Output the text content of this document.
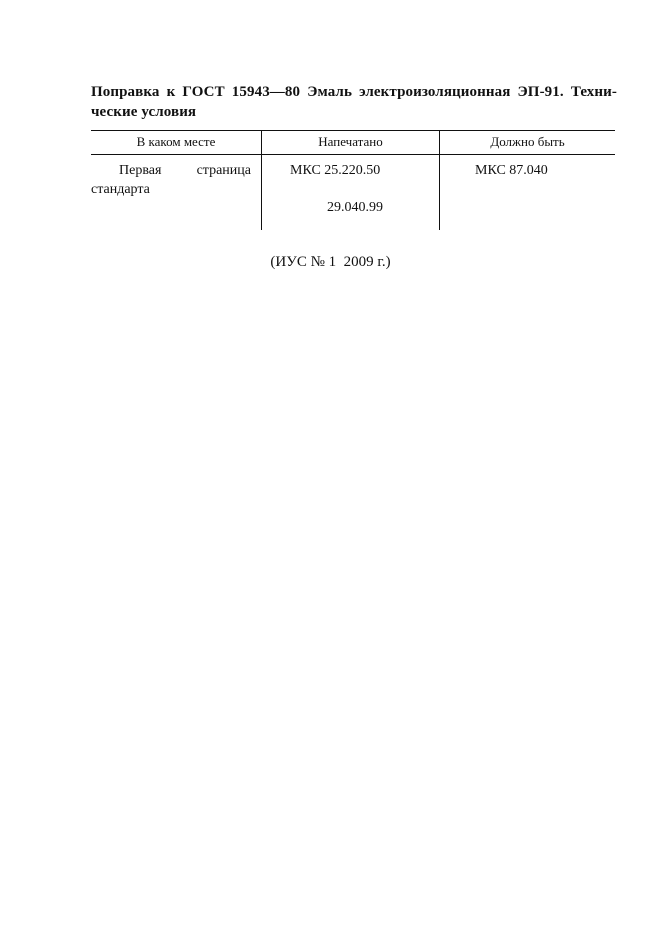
Поправка к ГОСТ 15943—80 Эмаль электроизоляционная ЭП-91. Техни-
ческие условия
В каком месте	Напечатано	Должно быть
Первая страница
стандарта
МКС 25.220.50
29.040.99
МКС 87.040
(ИУС № 1  2009 г.)
